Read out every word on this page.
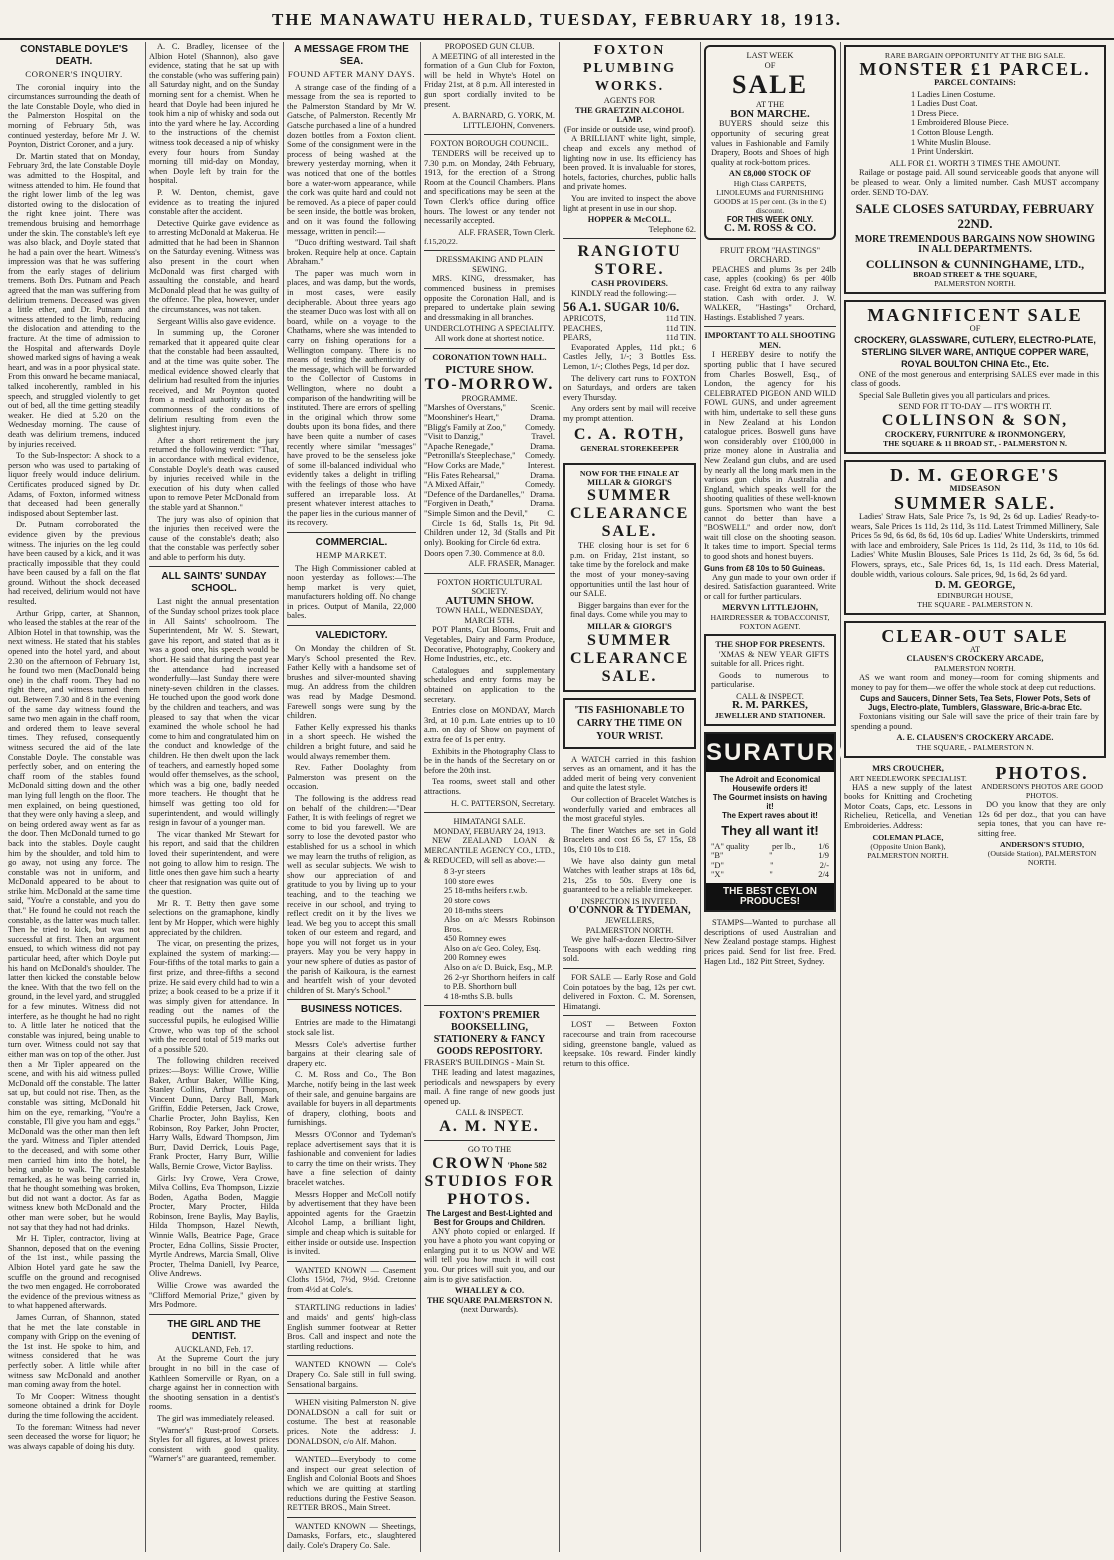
THE MANAWATU HERALD, TUESDAY, FEBRUARY 18, 1913.
CONSTABLE DOYLE'S DEATH.
CORONER'S INQUIRY.

The coronial inquiry into the circumstances surrounding the death of the late Constable Doyle, who died in the Palmerston Hospital on the morning of February 5th, was continued yesterday, before Mr J. W. Poynton, District Coroner, and a jury.

Dr. Martin stated that on Monday, February 3rd, the late Constable Doyle was admitted to the Hospital, and witness attended to him. He found that the right lower limb of the leg was distorted owing to the dislocation of the right knee joint. There was tremendous bruising and hemorrhage under the skin. The constable's left eye was also black, and Doyle stated that he had a pain over the heart. Witness's impression was that he was suffering from the early stages of delirium tremens. Both Drs. Putnam and Peach agreed that the man was suffering from delirium tremens. Deceased was given a little ether, and Dr. Putnam and witness attended to the limb, reducing the dislocation and attending to the fracture. At the time of admission to the Hospital and afterwards Doyle showed marked signs of having a weak heart, and was in a poor physical state. From this onward he became maniacal, talked incoherently, rambled in his speech, and struggled violently to get out of bed, all the time getting steadily weaker. He died at 5.20 on the Wednesday morning. The cause of death was delirium tremens, induced by injuries received.

To the Sub-Inspector: A shock to a person who was used to partaking of liquor freely would induce delirium. Certificates produced signed by Dr. Adams, of Foxton, informed witness that deceased had been generally indisposed about September last.

Dr. Putnam corroborated the evidence given by the previous witness. The injuries on the leg could have been caused by a kick, and it was practically impossible that they could have been caused by a fall on the flat ground. Without the shock deceased had received, delirium would not have resulted.

Arthur Gripp, carter, at Shannon, who leased the stables at the rear of the Albion Hotel in that township, was the next witness. He stated that his stables opened into the hotel yard, and about 2.30 on the afternoon of February 1st, he found two men (MacDonald being one) in the chaff room. They had no right there, and witness turned them out. Between 7.30 and 8 in the evening of the same day witness found the same two men again in the chaff room, and ordered them to leave several times. They refused, consequently witness secured the aid of the late Constable Doyle. The constable was perfectly sober, and on entering the chaff room of the stables found McDonald sitting down and the other man lying full length on the floor. The men explained, on being questioned, that they were only having a sleep, and on being ordered away went as far as the door. Then McDonald turned to go back into the stables. Doyle caught him by the shoulder, and told him to go away, not using any force. The constable was not in uniform, and McDonald appeared to be about to strike him. McDonald at the same time said, "You're a constable, and you do that." He found he could not reach the constable, as the latter was much taller. Then he tried to kick, but was not successful at first. Then an argument ensued, to which witness did not pay particular heed, after which Doyle put his hand on McDonald's shoulder. The latter then kicked the constable below the knee. With that the two fell on the ground, in the level yard, and struggled for a few minutes. Witness did not interfere, as he thought he had no right to. A little later he noticed that the constable was injured, being unable to turn over. Witness could not say that either man was on top of the other. Just then a Mr Tipler appeared on the scene, and with his aid witness pulled McDonald off the constable. The latter sat up, but could not rise. Then, as the constable was sitting, McDonald hit him on the eye, remarking, "You're a constable, I'll give you ham and eggs." McDonald was the other man then left the yard. Witness and Tipler attended to the deceased, and with some other men carried him into the hotel, he being unable to walk. The constable remarked, as he was being carried in, that he thought something was broken, but did not want a doctor. As far as witness knew both McDonald and the other man were sober, but he would not say that they had not had drinks.

Mr H. Tipler, contractor, living at Shannon, deposed that on the evening of the 1st inst., while passing the Albion Hotel yard gate he saw the scuffle on the ground and recognised the two men engaged. He corroborated the evidence of the previous witness as to what happened afterwards.

James Curran, of Shannon, stated that he met the late constable in company with Gripp on the evening of the 1st inst. He spoke to him, and witness considered that he was perfectly sober. A little while after witness saw McDonald and another man coming away from the hotel.

To Mr Cooper: Witness thought someone obtained a drink for Doyle during the time following the accident.

To the foreman: Witness had never seen deceased the worse for liquor; he was always capable of doing his duty.

A. C. Bradley, licensee of the Albion Hotel (Shannon), also gave evidence, stating that he sat up with the constable (who was suffering pain) all Saturday night, and on the Sunday morning sent for a chemist. When he heard that Doyle had been injured he took him a nip of whisky and soda out into the yard where he lay. According to the instructions of the chemist witness took deceased a nip of whisky every four hours from Sunday morning till mid-day on Monday, when Doyle left by train for the hospital.

P. W. Denton, chemist, gave evidence as to treating the injured constable after the accident.

Detective Quirke gave evidence as to arresting McDonald at Makerua. He admitted that he had been in Shannon on the Saturday evening. Witness was also present in the court when McDonald was first charged with assaulting the constable, and heard McDonald plead that he was guilty of the offence. The plea, however, under the circumstances, was not taken.

Sergeant Willis also gave evidence.

In summing up, the Coroner remarked that it appeared quite clear that the constable had been assaulted, and at the time was quite sober. The medical evidence showed clearly that delirium had resulted from the injuries received, and Mr Poynton quoted from a medical authority as to the commonness of the conditions of delirium resulting from even the slightest injury.

After a short retirement the jury returned the following verdict: "That, in accordance with medical evidence, Constable Doyle's death was caused by injuries received while in the execution of his duty when called upon to remove Peter McDonald from the stable yard at Shannon."

The jury was also of opinion that the injuries then received were the cause of the constable's death; also that the constable was perfectly sober and able to perform his duty.

ALL SAINTS' SUNDAY SCHOOL.

Last night the annual presentation of the Sunday school prizes took place in All Saints' schoolroom. The Superintendent, Mr W. S. Stewart, gave his report, and stated that as it was a good one, his speech would be short. He said that during the past year the attendance had increased wonderfully—last Sunday there were ninety-seven children in the classes. He touched upon the good work done by the children and teachers, and was pleased to say that when the vicar examined the whole school he had come to him and congratulated him on the conduct and knowledge of the children. He then dwelt upon the lack of teachers, and earnestly hoped some would offer themselves, as the school, which was a big one, badly needed more teachers. He thought that he himself was getting too old for superintendent, and would willingly resign in favour of a younger man.

The vicar thanked Mr Stewart for his report, and said that the children loved their superintendent, and were not going to allow him to resign. The little ones then gave him such a hearty cheer that resignation was quite out of the question.

Mr R. T. Betty then gave some selections on the gramaphone, kindly lent by Mr Hopper, which were highly appreciated by the children.

The vicar, on presenting the prizes, explained the system of marking:—Four-fifths of the total marks to gain a first prize, and three-fifths a second prize. He said every child had to win a prize; a book ceased to be a prize if it was simply given for attendance. In reading out the names of the successful pupils, he eulogised Willie Crowe, who was top of the school with the record total of 519 marks out of a possible 520.

The following children received prizes:—Boys: Willie Crowe, Willie Baker, Arthur Baker, Willie King, Stanley Collins, Arthur Thompson, Vincent Dunn, Darcy Ball, Mark Griffin, Eddie Petersen, Jack Crowe, Charlie Procter, John Bayliss, Ken Robinson, Roy Parker, John Procter, Harry Walls, Edward Thompson, Jim Burr, David Derrick, Louis Page, Frank Procter, Harry Burr, Willie Walls, Bernie Crowe, Victor Bayliss.

Girls: Ivy Crowe, Vera Crowe, Milva Collins, Eva Thompson, Lizzie Boden, Agatha Boden, Maggie Procter, Mary Procter, Hilda Robinson, Irene Baylis, May Baylis, Hilda Thompson, Hazel Newth, Winnie Walls, Beatrice Page, Grace Procter, Edna Collins, Sissie Procter, Myrtle Andrews, Marcia Small, Olive Procter, Thelma Daniell, Ivy Pearce, Olive Andrews.

Willie Crowe was awarded the "Clifford Memorial Prize," given by Mrs Podmore.

THE GIRL AND THE DENTIST.
AUCKLAND, Feb. 17.

At the Supreme Court the jury brought in no bill in the case of Kathleen Somerville or Ryan, on a charge against her in connection with the shooting sensation in a dentist's rooms.

The girl was immediately released.

"Warner's" Rust-proof Corsets. Styles for all figures, at lowest prices consistent with good quality. "Warner's" are guaranteed, remember.

A MESSAGE FROM THE SEA.
FOUND AFTER MANY DAYS.

A strange case of the finding of a message from the sea is reported to the Palmerston Standard by Mr W. Gatsche, of Palmerston. Recently Mr Gatsche purchased a line of a hundred dozen bottles from a Foxton client. Some of the consignment were in the process of being washed at the brewery yesterday morning, when it was noticed that one of the bottles bore a water-worn appearance, while the cork was quite hard and could not be removed. As a piece of paper could be seen inside, the bottle was broken, and on it was found the following message, written in pencil:—

"Duco drifting westward. Tail shaft broken. Require help at once. Captain Abraham."

The paper was much worn in places, and was damp, but the words, in most cases, were easily decipherable. About three years ago the steamer Duco was lost with all on board, while on a voyage to the Chathams, where she was intended to carry on fishing operations for a Wellington company. There is no means of testing the authenticity of the message, which will be forwarded to the Collector of Customs in Wellington, where no doubt a comparison of the handwriting will be instituted. There are errors of spelling in the original which throw some doubts upon its bona fides, and there have been quite a number of cases recently where similar "messages" have proved to be the senseless joke of some ill-balanced individual who evidently takes a delight in trifling with the feelings of those who have suffered an irreparable loss. At present whatever interest attaches to the paper lies in the curious manner of its recovery.

COMMERCIAL.
HEMP MARKET.

The High Commissioner cabled at noon yesterday as follows:—The hemp market is very quiet, manufacturers holding off. No change in prices. Output of Manila, 22,000 bales.

VALEDICTORY.

On Monday the children of St. Mary's School presented the Rev. Father Kelly with a handsome set of brushes and silver-mounted shaving mug. An address from the children was read by Madge Desmond. Farewell songs were sung by the children.

Father Kelly expressed his thanks in a short speech. He wished the children a bright future, and said he would always remember them.

Rev. Father Doolaghty from Palmerston was present on the occasion.

The following is the address read on behalf of the children:—"Dear Father, It is with feelings of regret we come to bid you farewell. We are sorry to lose the devoted pastor who established for us a school in which we may learn the truths of religion, as well as secular subjects. We wish to show our appreciation of and gratitude to you by living up to your teaching, and to the teaching we receive in our school, and trying to reflect credit on it by the lives we lead. We beg you to accept this small token of our esteem and regard, and hope you will not forget us in your prayers. May you be very happy in your new sphere of duties as pastor of the parish of Kaikoura, is the earnest and heartfelt wish of your devoted children of St. Mary's School."

BUSINESS NOTICES.

Entries are made to the Himatangi stock sale list.

Messrs Cole's advertise further bargains at their clearing sale of drapery etc.

C. M. Ross and Co., The Bon Marche, notify being in the last week of their sale, and genuine bargains are available for buyers in all departments of drapery, clothing, boots and furnishings.

Messrs O'Connor and Tydeman's replace advertisement says that it is fashionable and convenient for ladies to carry the time on their wrists. They have a fine selection of dainty bracelet watches.

Messrs Hopper and McColl notify by advertisement that they have been appointed agents for the Graetzin Alcohol Lamp, a brilliant light, simple and cheap which is suitable for either inside or outside use. Inspection is invited.

WANTED KNOWN — Casement Cloths 15½d, 7½d, 9½d. Cretonne from 4½d at Cole's.

STARTLING reductions in ladies' and maids' and gents' high-class English summer footwear at Retter Bros. Call and inspect and note the startling reductions.

WANTED KNOWN — Cole's Drapery Co. Sale still in full swing. Sensational bargains.

WHEN visiting Palmerston N. give DONALDSON a call for suit or costume. The best at reasonable prices. Note the address: J. DONALDSON, c/o Alf. Mahon.

WANTED—Everybody to come and inspect our great selection of English and Colonial Boots and Shoes which we are quitting at startling reductions during the Festive Season. RETTER BROS., Main Street.

WANTED KNOWN — Sheetings, Damasks, Forfars, etc., slaughtered daily. Cole's Drapery Co. Sale.

PROPOSED GUN CLUB.

A MEETING of all interested in the formation of a Gun Club for Foxton, will be held in Whyte's Hotel on Friday 21st, at 8 p.m. All interested in gun sport cordially invited to be present.

A. BARNARD, G. YORK, M. LITTLEJOHN, Conveners.
FOXTON BOROUGH COUNCIL.

TENDERS will be received up to 7.30 p.m. on Monday, 24th February, 1913, for the erection of a Strong Room at the Council Chambers. Plans and specifications may be seen at the Town Clerk's office during office hours. The lowest or any tender not necessarily accepted.

ALF. FRASER, Town Clerk.
f.15,20,22.
DRESSMAKING AND PLAIN SEWING.

MRS. KING, dressmaker, has commenced business in premises opposite the Coronation Hall, and is prepared to undertake plain sewing and dressmaking in all branches.

UNDERCLOTHING A SPECIALITY.
All work done at shortest notice.
CORONATION TOWN HALL.
PICTURE SHOW.
TO-MORROW.
PROGRAMME.
"Marshes of Overstans,"	Scenic.
"Moonshiner's Heart,"	Drama.
"Bligg's Family at Zoo," Comedy.
"Visit to Danzig,"	Travel.
"Apache Renegade,"	Drama.
"Petronilla's Steeplechase," Comedy.
"How Corks are Made,"	Interest.
"His Fates Rehearsal,"	Drama.
"A Mixed Affair,"	Comedy.
"Defence of the Dardanelles," Drama.
"Forgiven in Death,"	Drama.
"Simple Simon and the Devil," C.

Circle 1s 6d, Stalls 1s, Pit 9d. Children under 12, 3d (Stalls and Pit only). Booking for Circle 6d extra.

Doors open 7.30. Commence at 8.0.
ALF. FRASER, Manager.
FOXTON HORTICULTURAL SOCIETY.
AUTUMN SHOW.
TOWN HALL, WEDNESDAY, MARCH 5TH.

POT Plants, Cut Blooms, Fruit and Vegetables, Dairy and Farm Produce, Decorative, Photography, Cookery and Home Industries, etc., etc.

Catalogues and supplementary schedules and entry forms may be obtained on application to the secretary.

Entries close on MONDAY, March 3rd, at 10 p.m. Late entries up to 10 a.m. on day of Show on payment of extra fee of 1s per entry.

Exhibits in the Photography Class to be in the hands of the Secretary on or before the 20th inst.

Tea rooms, sweet stall and other attractions.

H. C. PATTERSON, Secretary.
HIMATANGI SALE.
MONDAY, FEBUARY 24, 1913.

NEW ZEALAND LOAN & MERCANTILE AGENCY CO., LTD., & REDUCED, will sell as above:—

8 3-yr steers
100 store ewes
25 18-mths heifers r.w.b.
20 store cows
20 18-mths steers
Also on a/c Messrs Robinson Bros.
450 Romney ewes
Also on a/c Geo. Coley, Esq.
200 Romney ewes
Also on a/c D. Buick, Esq., M.P.
26 2-yr Shorthorn heifers in calf to P.B. Shorthorn bull
4 18-mths S.B. bulls
FOXTON'S PREMIER BOOKSELLING, STATIONERY & FANCY GOODS REPOSITORY.
FRASER'S BUILDINGS - Main St.

THE leading and latest magazines, periodicals and newspapers by every mail. A fine range of new goods just opened up.

CALL & INSPECT.
A. M. NYE.
GO TO THE
CROWN 'Phone 582
STUDIOS FOR PHOTOS.
The Largest and Best-Lighted and Best for Groups and Children.

ANY photo copied or enlarged. If you have a photo you want copying or enlarging put it to us NOW and WE will tell you how much it will cost you. Our prices will suit you, and our aim is to give satisfaction.

WHALLEY & CO.
THE SQUARE PALMERSTON N.
(next Durwards).
FOXTON PLUMBING WORKS.
AGENTS FOR
THE GRAETZIN ALCOHOL LAMP.
(For inside or outside use, wind proof).

A BRILLIANT white light, simple, cheap and excels any method of lighting now in use. Its efficiency has been proved. It is invaluable for stores, hotels, factories, churches, public halls and private homes.

You are invited to inspect the above light at present in use in our shop.

HOPPER & McCOLL.
Telephone 62.
RANGIOTU STORE.
CASH PROVIDERS.

KINDLY read the following:—

56 A.1. SUGAR 10/6.
APRICOTS,	11d TIN.
PEACHES,	11d TIN.
PEARS,	11d TIN.

Evaporated Apples, 11d pkt.; 6 Castles Jelly, 1/-; 3 Bottles Ess. Lemon, 1/-; Clothes Pegs, 1d per doz.

The delivery cart runs to FOXTON on Saturdays, and orders are taken every Thursday.

Any orders sent by mail will receive my prompt attention.

C. A. ROTH,
GENERAL STOREKEEPER
NOW FOR THE FINALE AT
MILLAR & GIORGI'S
SUMMER CLEARANCE SALE.

THE closing hour is set for 6 p.m. on Friday, 21st instant, so take time by the forelock and make the most of your money-saving opportunities until the last hour of our SALE.

Bigger bargains than ever for the final days. Come while you may to

MILLAR & GIORGI'S
SUMMER CLEARANCE SALE.
'TIS FASHIONABLE TO CARRY THE TIME ON YOUR WRIST.

A WATCH carried in this fashion serves as an ornament, and it has the added merit of being very convenient and quite the latest style.

Our collection of Bracelet Watches is wonderfully varied and embraces all the most graceful styles.

The finer Watches are set in Gold Bracelets and cost £6 5s, £7 15s, £8 10s, £10 10s to £18.

We have also dainty gun metal Watches with leather straps at 18s 6d, 21s, 25s to 50s. Every one is guaranteed to be a reliable timekeeper.

INSPECTION IS INVITED.
O'CONNOR & TYDEMAN,
JEWELLERS,
PALMERSTON NORTH.

We give half-a-dozen Electro-Silver Teaspoons with each wedding ring sold.

FOR SALE — Early Rose and Gold Coin potatoes by the bag, 12s per cwt. delivered in Foxton. C. M. Sorensen, Himatangi.

LOST — Between Foxton racecourse and train from racecourse siding, greenstone bangle, valued as keepsake. 10s reward. Finder kindly return to this office.

LAST WEEK
OF
SALE
AT THE
BON MARCHE.

BUYERS should seize this opportunity of securing great values in Fashionable and Family Drapery, Boots and Shoes of high quality at rock-bottom prices.

AN £8,000 STOCK OF
High Class CARPETS, LINOLEUMS and FURNISHING GOODS at 15 per cent. (3s in the £) discount.
FOR THIS WEEK ONLY.
C. M. ROSS & CO.
FRUIT FROM "HASTINGS" ORCHARD.

PEACHES and plums 3s per 24lb case, apples (cooking) 6s per 40lb case. Freight 6d extra to any railway station. Cash with order. J. W. WALKER, "Hastings" Orchard, Hastings. Established 7 years.

IMPORTANT TO ALL SHOOTING MEN.

I HEREBY desire to notify the sporting public that I have secured from Charles Boswell, Esq., of London, the agency for his CELEBRATED PIGEON AND WILD FOWL GUNS, and under agreement with him, undertake to sell these guns in New Zealand at his London catalogue prices. Boswell guns have won considerably over £100,000 in prize money alone in Australia and New Zealand gun clubs, and are used by nearly all the long mark men in the various gun clubs in Australia and England, which speaks well for the shooting qualities of these well-known guns. Sportsmen who want the best cannot do better than have a "BOSWELL" and order now, don't wait till close on the shooting season. It takes time to import. Special terms to good shots and honest buyers.

Guns from £8 10s to 50 Guineas.

Any gun made to your own order if desired. Satisfaction guaranteed. Write or call for further particulars.

MERVYN LITTLEJOHN,
HAIRDRESSER & TOBACCONIST,
FOXTON AGENT.
THE SHOP FOR PRESENTS.

'XMAS & NEW YEAR GIFTS suitable for all. Prices right.

Goods to numerous to particularise.

CALL & INSPECT.
R. M. PARKES,
JEWELLER AND STATIONER.
SURATURA
The Adroit and Economical Housewife orders it!
The Gourmet insists on having it!
The Expert raves about it!
They all want it!
"A" quality	per lb.,	1/6
"B"	"	1/9
"D"	"	2/-
"X"	"	2/4
THE BEST CEYLON PRODUCES!

STAMPS—Wanted to purchase all descriptions of used Australian and New Zealand postage stamps. Highest prices paid. Send for list free. Fred. Hagen Ltd., 182 Pitt Street, Sydney.

RARE BARGAIN OPPORTUNITY AT THE BIG SALE.
MONSTER £1 PARCEL.
PARCEL CONTAINS:
1 Ladies Linen Costume.
1 Ladies Dust Coat.
1 Dress Piece.
1 Embroidered Blouse Piece.
1 Cotton Blouse Length.
1 White Muslin Blouse.
1 Print Underskirt.
ALL FOR £1. WORTH 3 TIMES THE AMOUNT.

Railage or postage paid. All sound serviceable goods that anyone will be pleased to wear. Only a limited number. Cash MUST accompany order. SEND TO-DAY.

SALE CLOSES SATURDAY, FEBRUARY 22ND.
MORE TREMENDOUS BARGAINS NOW SHOWING IN ALL DEPARTMENTS.
COLLINSON & CUNNINGHAME, LTD.,
BROAD STREET & THE SQUARE,
PALMERSTON NORTH.
MAGNIFICENT SALE
OF
CROCKERY, GLASSWARE, CUTLERY, ELECTRO-PLATE, STERLING SILVER WARE, ANTIQUE COPPER WARE, ROYAL BOULTON CHINA Etc., Etc.

ONE of the most generous and enterprising SALES ever made in this class of goods.

Special Sale Bulletin gives you all particulars and prices.

SEND FOR IT TO-DAY — IT'S WORTH IT.
COLLINSON & SON,
CROCKERY, FURNITURE & IRONMONGERY,
THE SQUARE & 11 BROAD ST., - PALMERSTON N.
D. M. GEORGE'S
MIDSEASON
SUMMER SALE.

Ladies' Straw Hats, Sale Price 7s, 1s 9d, 2s 6d up. Ladies' Ready-to-wears, Sale Prices 1s 11d, 2s 11d, 3s 11d. Latest Trimmed Millinery, Sale Prices 5s 9d, 6s 6d, 8s 6d, 10s 6d up. Ladies' White Underskirts, trimmed with lace and embroidery, Sale Prices 1s 11d, 2s 11d, 3s 11d, to 10s 6d. Ladies' White Muslin Blouses, Sale Prices 1s 11d, 2s 6d, 3s 6d, 5s 6d. Flowers, sprays, etc., Sale Prices 6d, 1s, 1s 11d each. Dress Material, double width, various colours. Sale prices, 9d, 1s 6d, 2s 6d yard.

D. M. GEORGE,
EDINBURGH HOUSE,
THE SQUARE - PALMERSTON N.
CLEAR-OUT SALE
AT
CLAUSEN'S CROCKERY ARCADE,
PALMERSTON NORTH.

AS we want room and money—room for coming shipments and money to pay for them—we offer the whole stock at deep cut reductions.

Cups and Saucers, Dinner Sets, Tea Sets, Flower Pots, Sets of Jugs, Electro-plate, Tumblers, Glassware, Bric-a-brac Etc.

Foxtonians visiting our Sale will save the price of their train fare by spending a pound.

A. E. CLAUSEN'S CROCKERY ARCADE.
THE SQUARE, - PALMERSTON N.
MRS CROUCHER,
ART NEEDLEWORK SPECIALIST.

HAS a new supply of the latest books for Knitting and Crocheting Motor Coats, Caps, etc. Lessons in Richelieu, Reticella, and Venetian Embroideries. Address:

COLEMAN PLACE,
(Opposite Union Bank), PALMERSTON NORTH.
PHOTOS.
ANDERSON'S PHOTOS ARE GOOD PHOTOS.

DO you know that they are only 12s 6d per doz., that you can have sepia tones, that you can have re-sitting free.

ANDERSON'S STUDIO,
(Outside Station), PALMERSTON NORTH.
